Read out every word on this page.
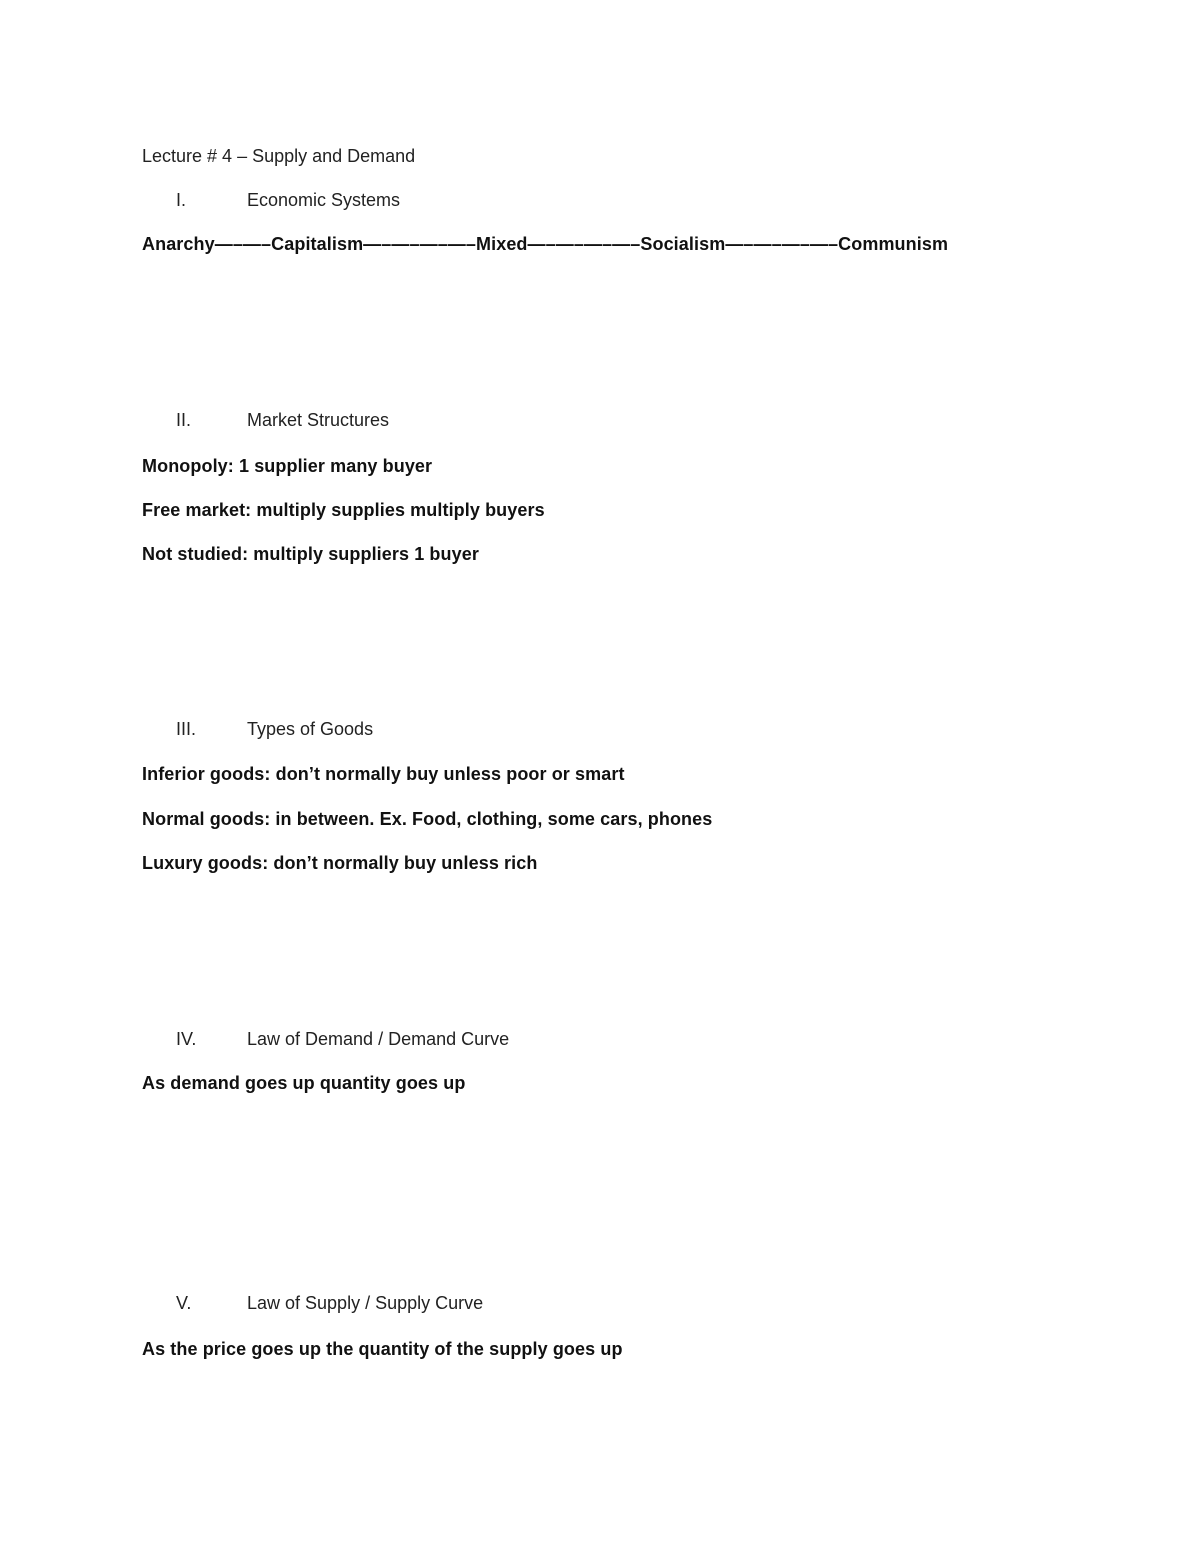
Lecture # 4 – Supply and Demand
I.	Economic Systems
Anarchy—–—–Capitalism—–—–—–—–Mixed—–—–—–—–Socialism—–—–—–—–Communism
II.	Market Structures
Monopoly: 1 supplier many buyer
Free market: multiply supplies multiply buyers
Not studied: multiply suppliers 1 buyer
III.	Types of Goods
Inferior goods: don’t normally buy unless poor or smart
Normal goods: in between. Ex. Food, clothing, some cars, phones
Luxury goods: don’t normally buy unless rich
IV.	Law of Demand / Demand Curve
As demand goes up quantity goes up
V.	Law of Supply / Supply Curve
As the price goes up the quantity of the supply goes up
